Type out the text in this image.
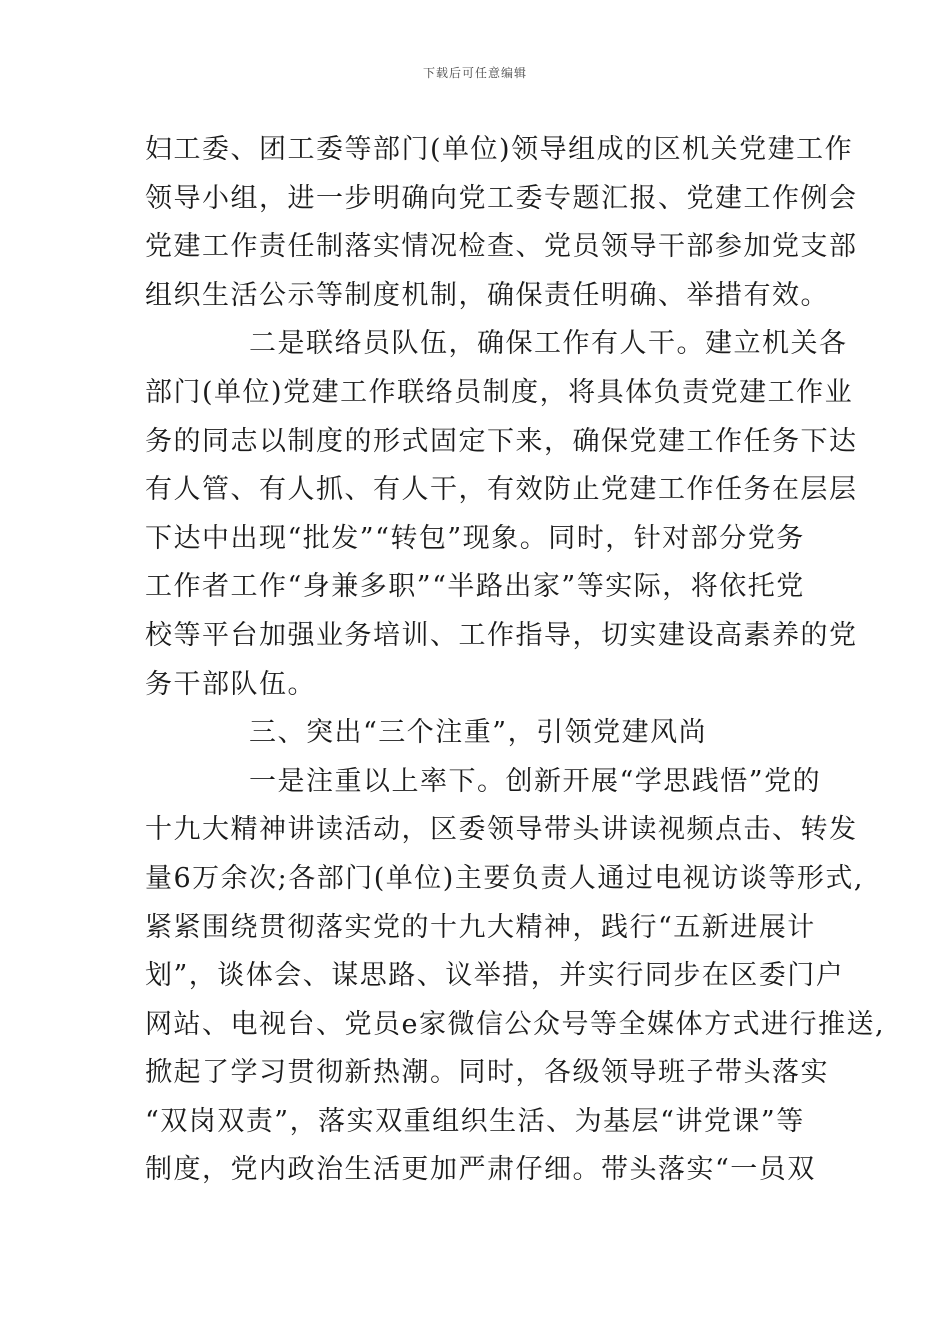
下载后可任意编辑
妇工委、团工委等部门(单位)领导组成的区机关党建工作
领导小组，进一步明确向党工委专题汇报、党建工作例会
党建工作责任制落实情况检查、党员领导干部参加党支部
组织生活公示等制度机制，确保责任明确、举措有效。
二是联络员队伍，确保工作有人干。建立机关各
部门(单位)党建工作联络员制度，将具体负责党建工作业
务的同志以制度的形式固定下来，确保党建工作任务下达
有人管、有人抓、有人干，有效防止党建工作任务在层层
下达中出现“批发”“转包”现象。同时，针对部分党务
工作者工作“身兼多职”“半路出家”等实际，将依托党
校等平台加强业务培训、工作指导，切实建设高素养的党
务干部队伍。
三、突出“三个注重”，引领党建风尚
一是注重以上率下。创新开展“学思践悟”党的
十九大精神讲读活动，区委领导带头讲读视频点击、转发
量6万余次;各部门(单位)主要负责人通过电视访谈等形式,
紧紧围绕贯彻落实党的十九大精神，践行“五新进展计
划”，谈体会、谋思路、议举措，并实行同步在区委门户
网站、电视台、党员e家微信公众号等全媒体方式进行推送,
掀起了学习贯彻新热潮。同时，各级领导班子带头落实
“双岗双责”，落实双重组织生活、为基层“讲党课”等
制度，党内政治生活更加严肃仔细。带头落实“一员双
